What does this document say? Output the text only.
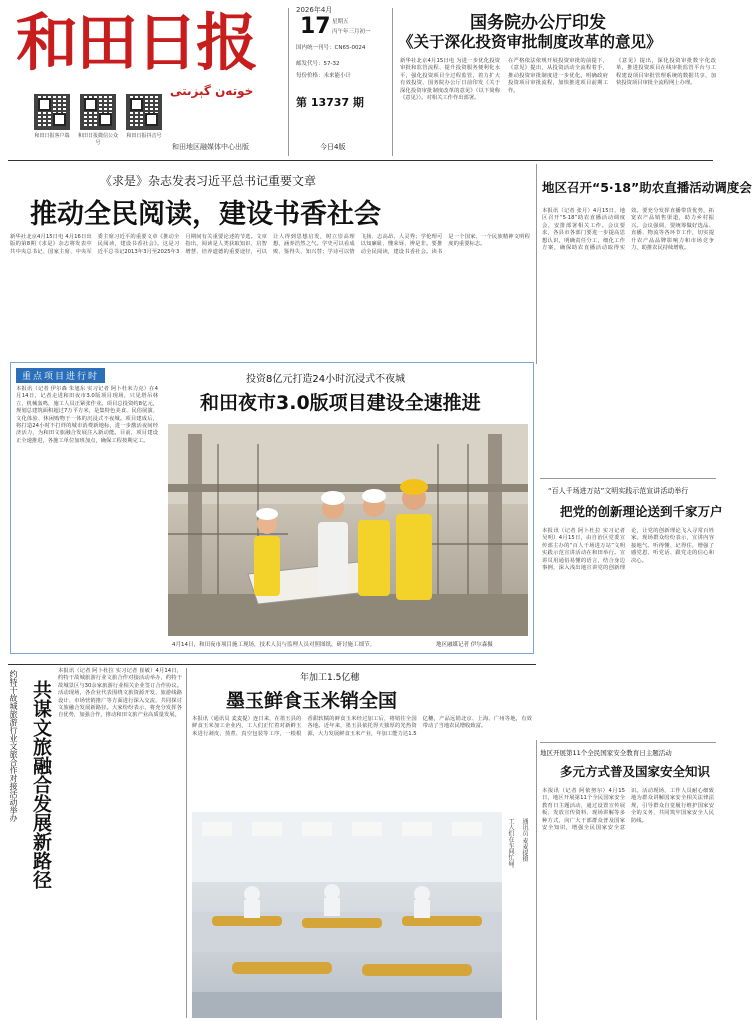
和田日报
خوتەن گېزىتى
和田日报客户端	和田日报微信公众号
和田日报抖音号
和田地区融媒体中心出版
2026年4月
17 星期五
丙午年三月初一
国内统一刊号：CN65-0024
邮发代号：57-32
每份价格：未来能小计
第 13737 期
今日4版
国务院办公厅印发
《关于深化投资审批制度改革的意见》
新华社北京4月15日电 为进一步优化投资审批和监管流程、提升投资服务便利化水平，强化投资项目全过程监管，着力扩大有效投资，国务院办公厅日前印发《关于深化投资审批制度改革的意见》（以下简称《意见》）。对相关工作作出部署。
在严格依法依规开展投资审批的前提下，《意见》提出，从投资活动全流程着手，推动投资审批制度进一步优化。明确政府投资项目审批流程，加快推进项目前期工作。
《意见》提出，深化投资审批数字化改革，推进投资项目在线审批监管平台与工程建设项目审批管理系统的数据共享，加快投资项目审批全流程网上办理。
《求是》杂志发表习近平总书记重要文章
推动全民阅读，建设书香社会
新华社北京4月15日电 4月16日出版的第8期《求是》杂志将发表中共中央总书记、国家主席、中央军委主席习近平的重要文章《推动全民阅读，建设书香社会》。这是习近平总书记2013年3月至2025年3月期间有关重要论述的节选。文章指出，阅读是人类获取知识、启智增慧、培养道德的重要途径，可以让人得到思想启发，树立崇高理想，涵养浩然之气。学史可以看成败、鉴得失、知兴替；学诗可以情飞扬、志高昂、人灵秀；学伦理可以知廉耻、懂荣辱、辨是非。要推动全民阅读，建设书香社会。读书是一个国家、一个民族精神文明程度的重要标志。
地区召开“5·18”助农直播活动调度会
本报讯（记者 张月）4月15日，地区召开“5·18”助农直播活动调度会，安排部署相关工作。会议要求，各县市各部门要进一步提高思想认识，明确责任分工，细化工作方案，确保助农直播活动取得实效。要充分发挥直播带货优势，拓宽农产品销售渠道，助力乡村振兴。会议强调，要统筹做好选品、直播、物流等各环节工作，切实提升农产品品牌影响力和市场竞争力，助推农民持续增收。
重点项目进行时	投资8亿元打造24小时沉浸式不夜城
和田夜市3.0版项目建设全速推进
本报讯（记者 伊尔森 朱旭东 实习记者 阿卜杜米力克）在4月14日，记者走进和田夜市3.0版项目现场，只见塔吊林立，机械轰鸣，施工人员正紧张作业。项目总投资约8亿元，规划总建筑面积超过7万平方米，是集特色美食、民俗展演、文化体验、休闲购物于一体的沉浸式不夜城。项目建成后，将打造24小时不打烊的城市消费新地标，进一步激活夜间经济活力，为和田文旅融合发展注入新动能。目前，项目建设正全速推进，各施工单位加班加点，确保工程按期完工。
4月14日，和田夜市项目施工现场，技术人员与监理人员对照图纸，研讨施工细节。	地区融媒记者 伊尔森摄
“百人千场进万站”文明实践示范宣讲活动举行
把党的创新理论送到千家万户
本报讯（记者 阿卜杜拉 实习记者 吴明）4月15日，由自治区党委宣传部主办的“百人千场进万站”文明实践示范宣讲活动在和田举行。宣讲员用通俗易懂的语言，结合身边事例，深入浅出地宣讲党的创新理论，让党的创新理论飞入寻常百姓家。现场群众纷纷表示，宣讲内容接地气、听得懂、记得住，增强了感党恩、听党话、跟党走的信心和决心。
共谋文旅融合发展新路径
约特干故城旅游行业文旅合作对接活动举办	本报讯（记者 阿卜杜拉 实习记者 崔敏）4月14日，约特干故城旅游行业文旅合作对接活动举办，约特干故城景区与30余家旅游行业相关企业签订合作协议。活动现场，各企业代表围绕文旅资源开发、旅游线路设计、市场营销推广等方面进行深入交流，共同探讨文旅融合发展新路径。大家纷纷表示，将充分发挥各自优势，加强合作，推动和田文旅产业高质量发展。
年加工1.5亿穗
墨玉鲜食玉米销全国
本报讯（通讯员 麦麦提）连日来，在墨玉县的鲜食玉米加工企业内，工人们正忙着对新鲜玉米进行剥皮、蒸煮、真空包装等工序，一根根香甜软糯的鲜食玉米经过加工后，将销往全国各地。近年来，墨玉县依托得天独厚的光热资源，大力发展鲜食玉米产业，年加工能力达1.5亿穗，产品远销北京、上海、广州等地，有效带动了当地农民增收致富。
工人们在车间忙碌。 通讯员 麦麦提摄
地区开展第11个全民国家安全教育日主题活动
多元方式普及国家安全知识
本报讯（记者 阿依努尔）4月15日，地区开展第11个全民国家安全教育日主题活动，通过设置宣传展板、发放宣传资料、现场讲解等多种方式，向广大干部群众普及国家安全知识，增强全民国家安全意识。活动现场，工作人员耐心细致地为群众讲解国家安全相关法律法规，引导群众自觉履行维护国家安全的义务，共同筑牢国家安全人民防线。
